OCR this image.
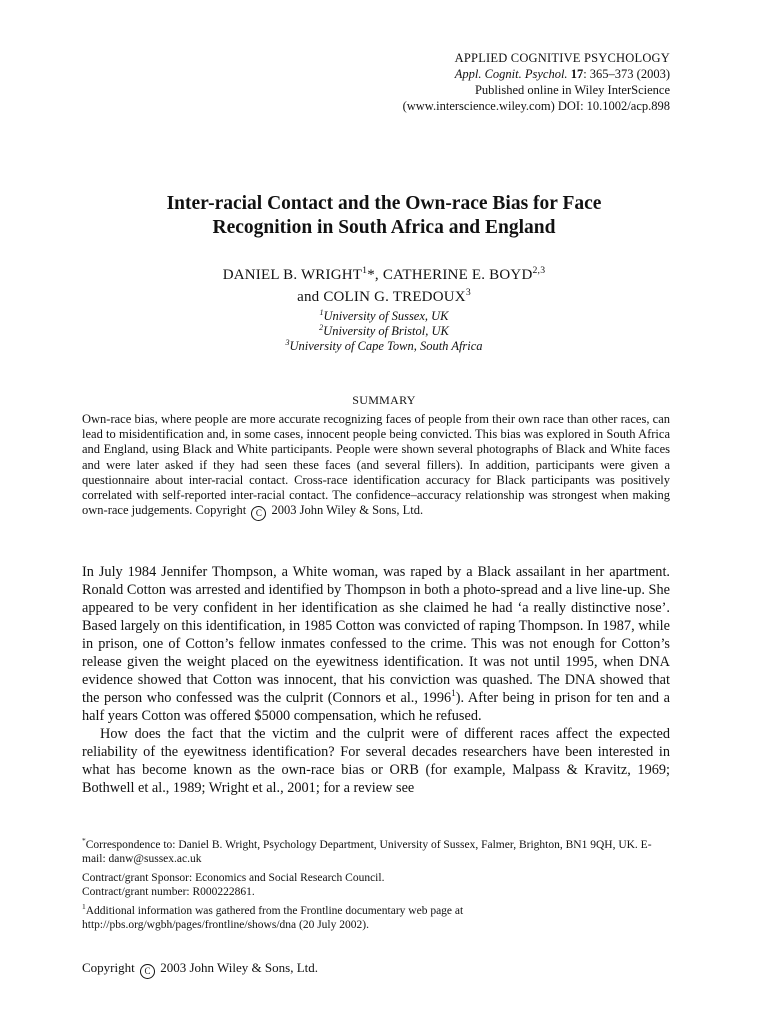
APPLIED COGNITIVE PSYCHOLOGY
Appl. Cognit. Psychol. 17: 365–373 (2003)
Published online in Wiley InterScience
(www.interscience.wiley.com) DOI: 10.1002/acp.898
Inter-racial Contact and the Own-race Bias for Face
Recognition in South Africa and England
DANIEL B. WRIGHT$^1$*, CATHERINE E. BOYD$^{2,3}$
and COLIN G. TREDOUX$^3$
$^1$University of Sussex, UK
$^2$University of Bristol, UK
$^3$University of Cape Town, South Africa
SUMMARY
Own-race bias, where people are more accurate recognizing faces of people from their own race than other races, can lead to misidentification and, in some cases, innocent people being convicted. This bias was explored in South Africa and England, using Black and White participants. People were shown several photographs of Black and White faces and were later asked if they had seen these faces (and several fillers). In addition, participants were given a questionnaire about inter-racial contact. Cross-race identification accuracy for Black participants was positively correlated with self-reported inter-racial contact. The confidence–accuracy relationship was strongest when making own-race judgements. Copyright C 2003 John Wiley & Sons, Ltd.

In July 1984 Jennifer Thompson, a White woman, was raped by a Black assailant in her apartment. Ronald Cotton was arrested and identified by Thompson in both a photo-spread and a live line-up. She appeared to be very confident in her identification as she claimed he had ‘a really distinctive nose’. Based largely on this identification, in 1985 Cotton was convicted of raping Thompson. In 1987, while in prison, one of Cotton’s fellow inmates confessed to the crime. This was not enough for Cotton’s release given the weight placed on the eyewitness identification. It was not until 1995, when DNA evidence showed that Cotton was innocent, that his conviction was quashed. The DNA showed that the person who confessed was the culprit (Connors et al., 1996$^1$). After being in prison for ten and a half years Cotton was offered $5000 compensation, which he refused.

How does the fact that the victim and the culprit were of different races affect the expected reliability of the eyewitness identification? For several decades researchers have been interested in what has become known as the own-race bias or ORB (for example, Malpass & Kravitz, 1969; Bothwell et al., 1989; Wright et al., 2001; for a review see

*Correspondence to: Daniel B. Wright, Psychology Department, University of Sussex, Falmer, Brighton, BN1 9QH, UK. E-mail: danw@sussex.ac.uk
Contract/grant Sponsor: Economics and Social Research Council.
Contract/grant number: R000222861.
$^1$Additional information was gathered from the Frontline documentary web page at http://pbs.org/wgbh/pages/frontline/shows/dna (20 July 2002).
Copyright C 2003 John Wiley & Sons, Ltd.
